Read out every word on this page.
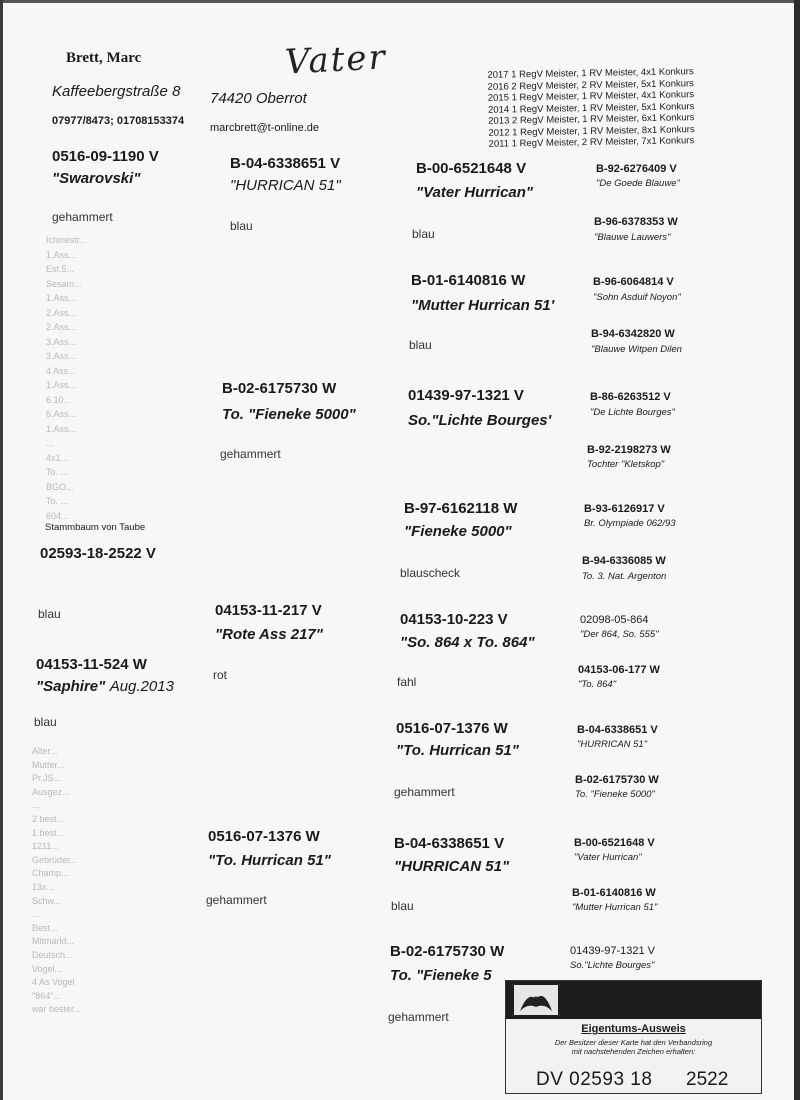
Brett, Marc
Kaffeebergstraße 8 74420 Oberrot
07977/8473; 01708153374
marcbrett@t-online.de
Vater	2017 1 RegV Meister, 1 RV Meister, 4x1 Konkurs
2016 2 RegV Meister, 2 RV Meister, 5x1 Konkurs
2015 1 RegV Meister, 1 RV Meister, 4x1 Konkurs
2014 1 RegV Meister, 1 RV Meister, 5x1 Konkurs
2013 2 RegV Meister, 1 RV Meister, 6x1 Konkurs
2012 1 RegV Meister, 1 RV Meister, 8x1 Konkurs
2011 1 RegV Meister, 2 RV Meister, 7x1 Konkurs
0516-09-1190 V
"Swarovski"
gehammert
Ichinestr...
1.Ass...
Est.5...
Sesam...
1.Ass...
2.Ass...
2.Ass...
3.Ass...
3.Ass...
4 Ass...
1.Ass...
6.10...
6.Ass...
1.Ass...
...
4x1...
To. ...
BGO...
To. ...
604...
Stammbaum von Taube
02593-18-2522 V
blau
04153-11-524 W
"Saphire" Aug.2013
blau
Alter...
Mutter...
Pr.JS...
Ausgez...
...
2 best...
1 best...
1211...
Gebrüder...
Champ...
13x...
Schw...
...
Best...
Mitmarkt...
Deutsch...
Vogel...
4 As Vogel
"864"...
war bester...
B-04-6338651 V
"HURRICAN 51"
blau
B-02-6175730 W
To. "Fieneke 5000"
gehammert
04153-11-217 V
"Rote Ass 217"
rot
0516-07-1376 W
"To. Hurrican 51"
gehammert
B-00-6521648 V
"Vater Hurrican"
blau
B-01-6140816 W
"Mutter Hurrican 51'
blau
01439-97-1321 V
So."Lichte Bourges'
B-97-6162118 W
"Fieneke 5000"
blauscheck
04153-10-223 V
"So. 864 x To. 864"
fahl
0516-07-1376 W
"To. Hurrican 51"
gehammert
B-04-6338651 V
"HURRICAN 51"
blau
B-02-6175730 W
To. "Fieneke 5
gehammert
B-92-6276409 V
"De Goede Blauwe"
B-96-6378353 W
"Blauwe Lauwers"
B-96-6064814 V
"Sohn Asduif Noyon"
B-94-6342820 W
"Blauwe Witpen Dilen
B-86-6263512 V
"De Lichte Bourges"
B-92-2198273 W
Tochter "Kletskop"
B-93-6126917 V
Br. Olympiade 062/93
B-94-6336085 W
To. 3. Nat. Argenton
02098-05-864
"Der 864, So. 555"
04153-06-177 W
"To. 864"
B-04-6338651 V
"HURRICAN 51"
B-02-6175730 W
To. "Fieneke 5000"
B-00-6521648 V
"Vater Hurrican"
B-01-6140816 W
"Mutter Hurrican 51"
01439-97-1321 V
So."Lichte Bourges"
Eigentums-Ausweis
Der Besitzer dieser Karte hat den Verbandsring
mit nachstehenden Zeichen erhalten:
DV 02593 18 2522
